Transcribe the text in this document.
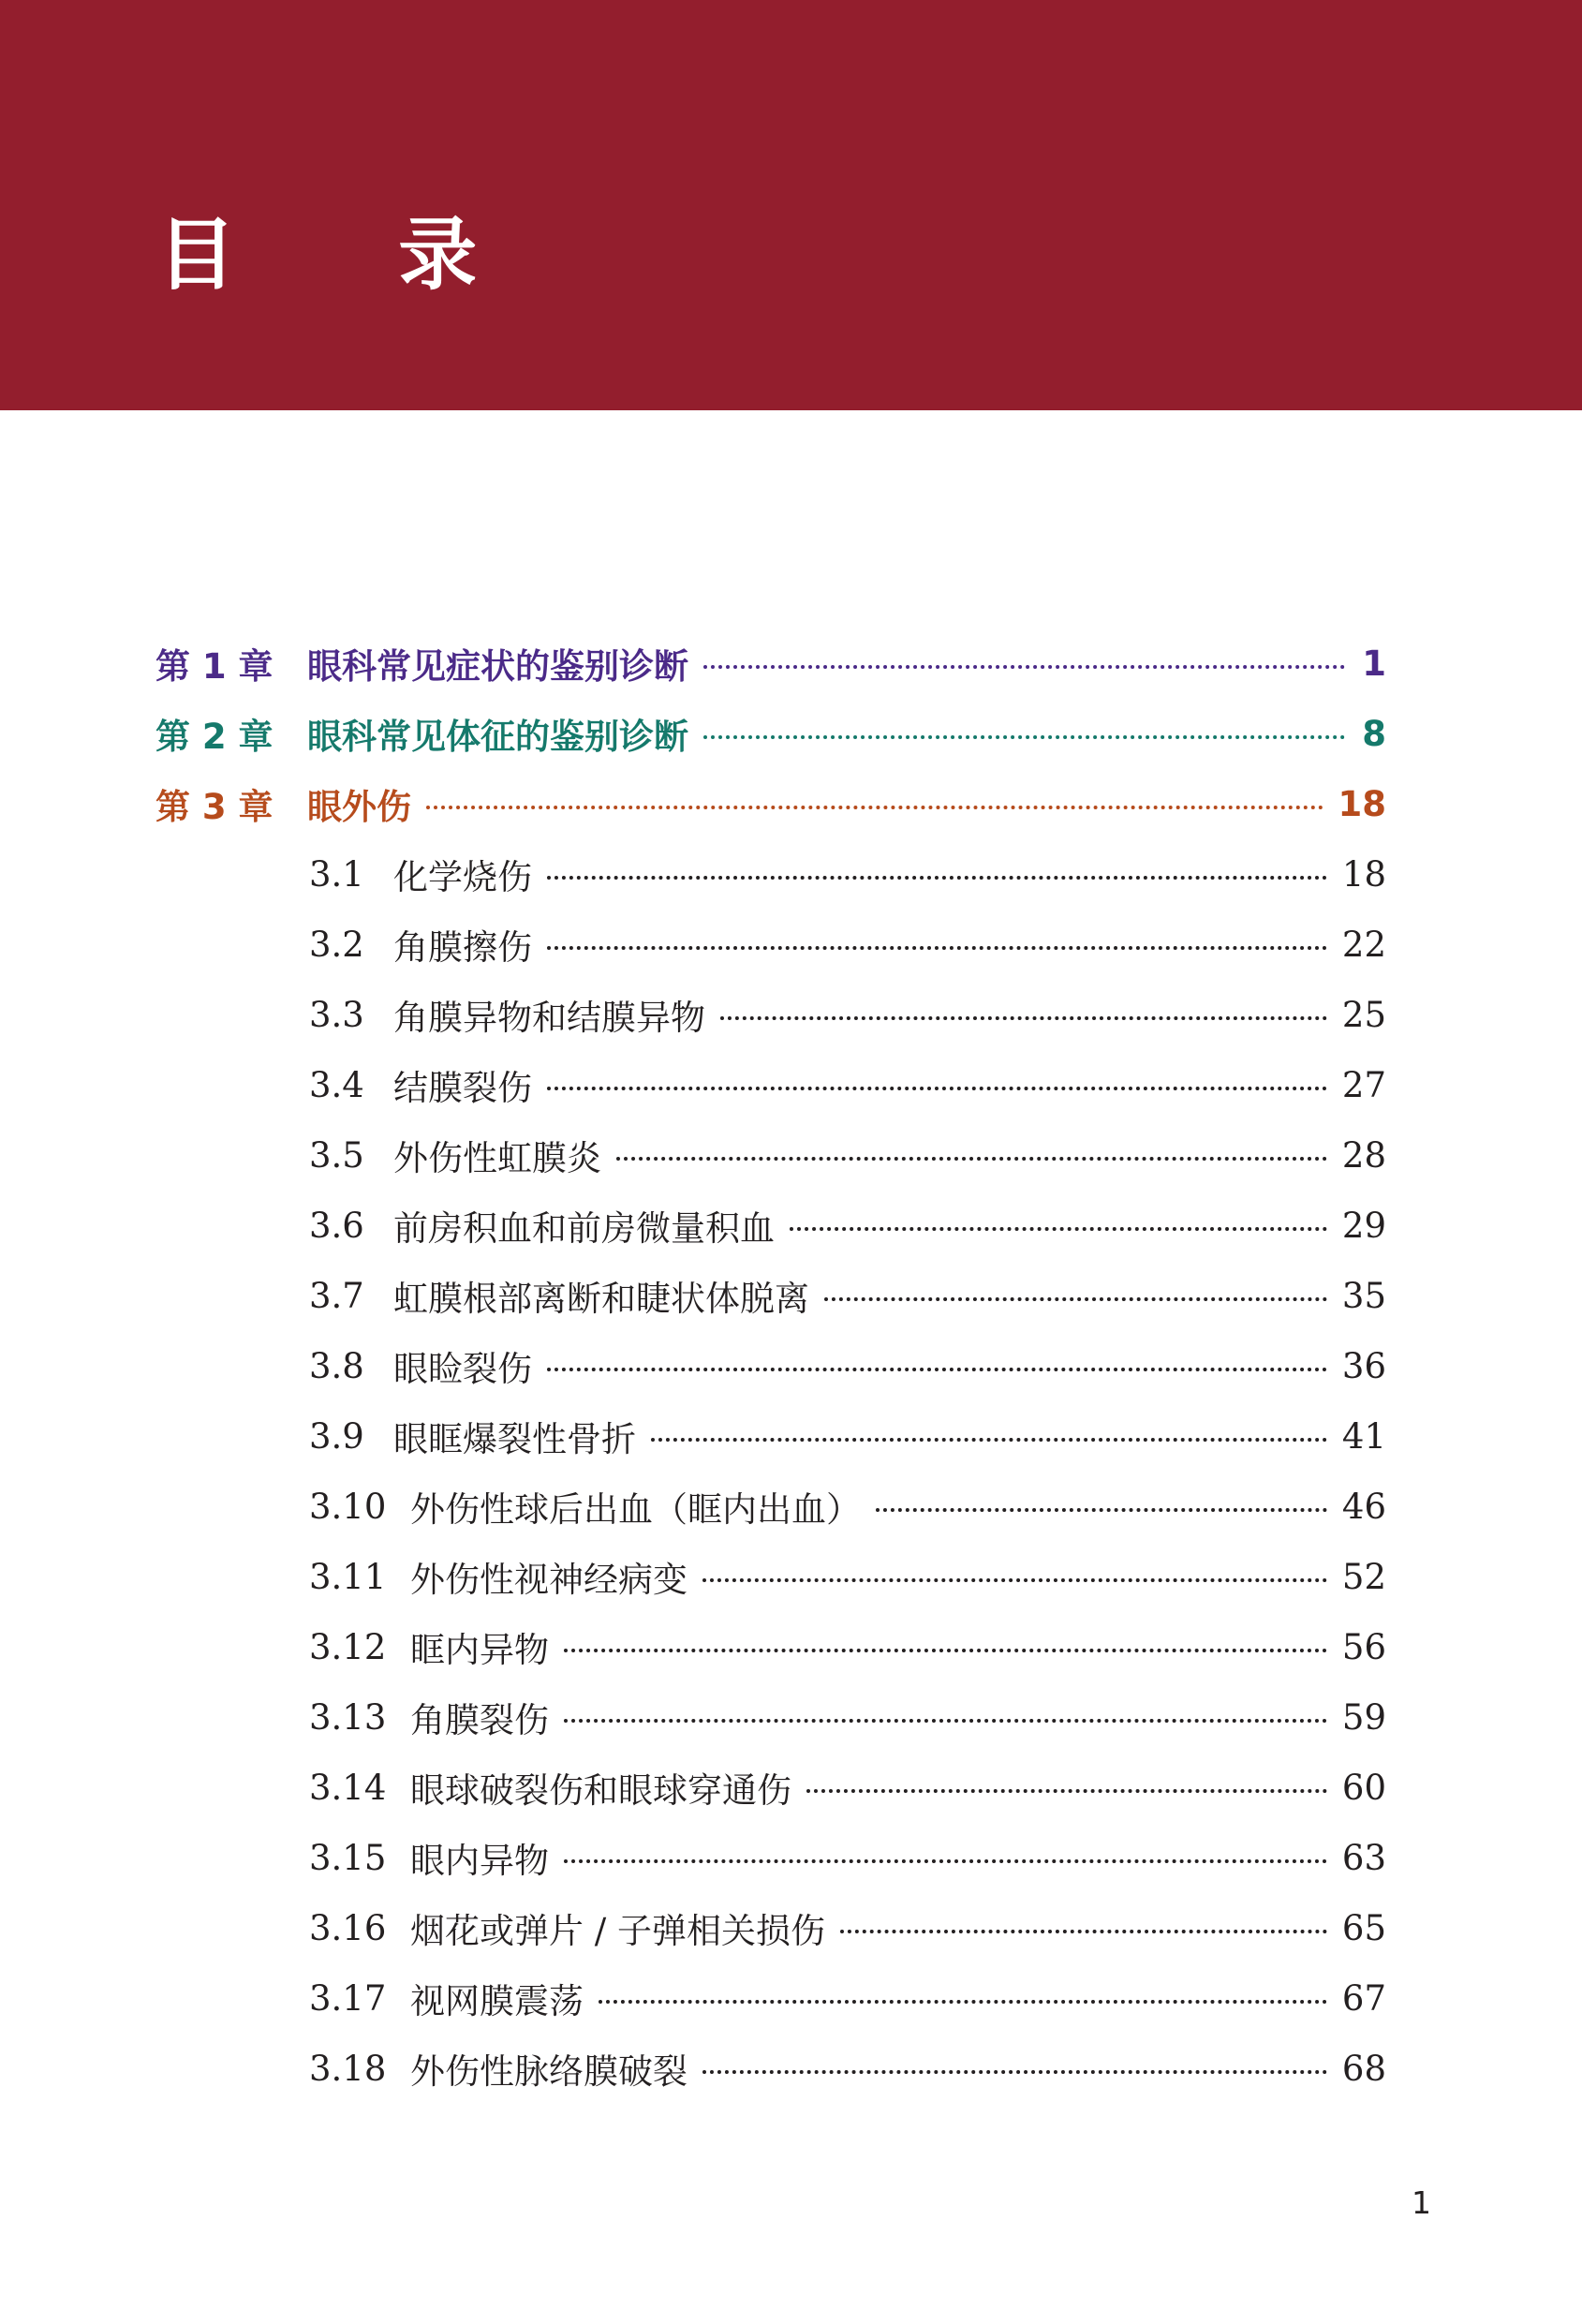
目 录
第 1 章 眼科常见症状的鉴别诊断	1
第 2 章 眼科常见体征的鉴别诊断	8
第 3 章 眼外伤	18
3.1 化学烧伤	18
3.2 角膜擦伤	22
3.3 角膜异物和结膜异物	25
3.4 结膜裂伤	27
3.5 外伤性虹膜炎	28
3.6 前房积血和前房微量积血	29
3.7 虹膜根部离断和睫状体脱离	35
3.8 眼睑裂伤	36
3.9 眼眶爆裂性骨折	41
3.10 外伤性球后出血（眶内出血）	46
3.11 外伤性视神经病变	52
3.12 眶内异物	56
3.13 角膜裂伤	59
3.14 眼球破裂伤和眼球穿通伤	60
3.15 眼内异物	63
3.16 烟花或弹片 / 子弹相关损伤	65
3.17 视网膜震荡	67
3.18 外伤性脉络膜破裂	68
1
